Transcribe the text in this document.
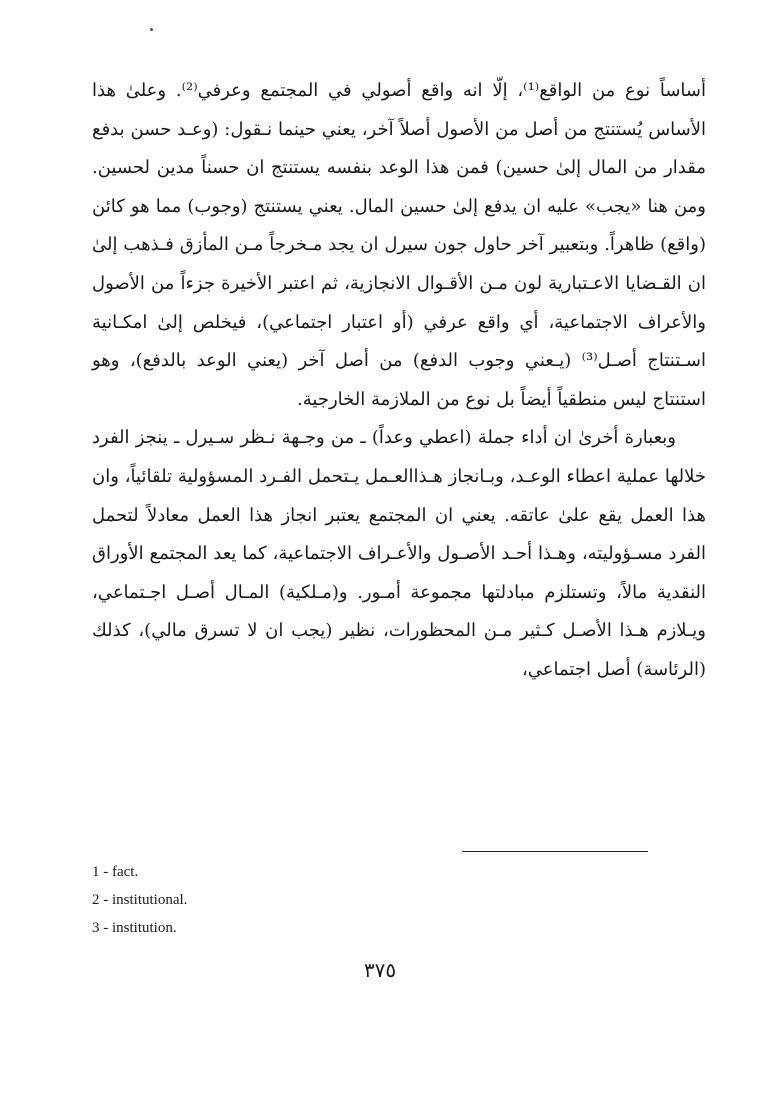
أساساً نوع من الواقع⁽¹⁾، إلّا انه واقع أصولي في المجتمع وعرفي⁽²⁾. وعلىٰ هذا الأساس يُستنتج من أصل من الأصول أصلاً آخر، يعني حينما نـقول: (وعـد حسن بدفع مقدار من المال إلىٰ حسين) فمن هذا الوعد بنفسه يستنتج ان حسناً مدين لحسين. ومن هنا «يجب» عليه ان يدفع إلىٰ حسين المال. يعني يستنتج (وجوب) مما هو كائن (واقع) ظاهراً. وبتعبير آخر حاول جون سيرل ان يجد مـخرجاً مـن المأزق فـذهب إلىٰ ان القـضايا الاعـتبارية لون مـن الأقـوال الانجازية، ثم اعتبر الأخيرة جزءاً من الأصول والأعراف الاجتماعية، أي واقع عرفي (أو اعتبار اجتماعي)، فيخلص إلىٰ امكـانية اسـتنتاج أصـل⁽³⁾ (يـعني وجوب الدفع) من أصل آخر (يعني الوعد بالدفع)، وهو استنتاج ليس منطقياً أيضاً بل نوع من الملازمة الخارجية.

وبعبارة أخرىٰ ان أداء جملة (اعطي وعداً) ـ من وجـهة نـظر سـيرل ـ ينجز الفرد خلالها عملية اعطاء الوعـد، وبـانجاز هـذاالعـمل يـتحمل الفـرد المسؤولية تلقائياً، وان هذا العمل يقع علىٰ عاتقه. يعني ان المجتمع يعتبر انجاز هذا العمل معادلاً لتحمل الفرد مسـؤوليته، وهـذا أحـد الأصـول والأعـراف الاجتماعية، كما يعد المجتمع الأوراق النقدية مالاً، وتستلزم مبادلتها مجموعة أمـور. و(مـلكية) المـال أصـل اجـتماعي، ويـلازم هـذا الأصـل كـثير مـن المحظورات، نظير (يجب ان لا تسرق مالي)، كذلك (الرئاسة) أصل اجتماعي،

1 - fact.
2 - institutional.
3 - institution.
٣٧٥
